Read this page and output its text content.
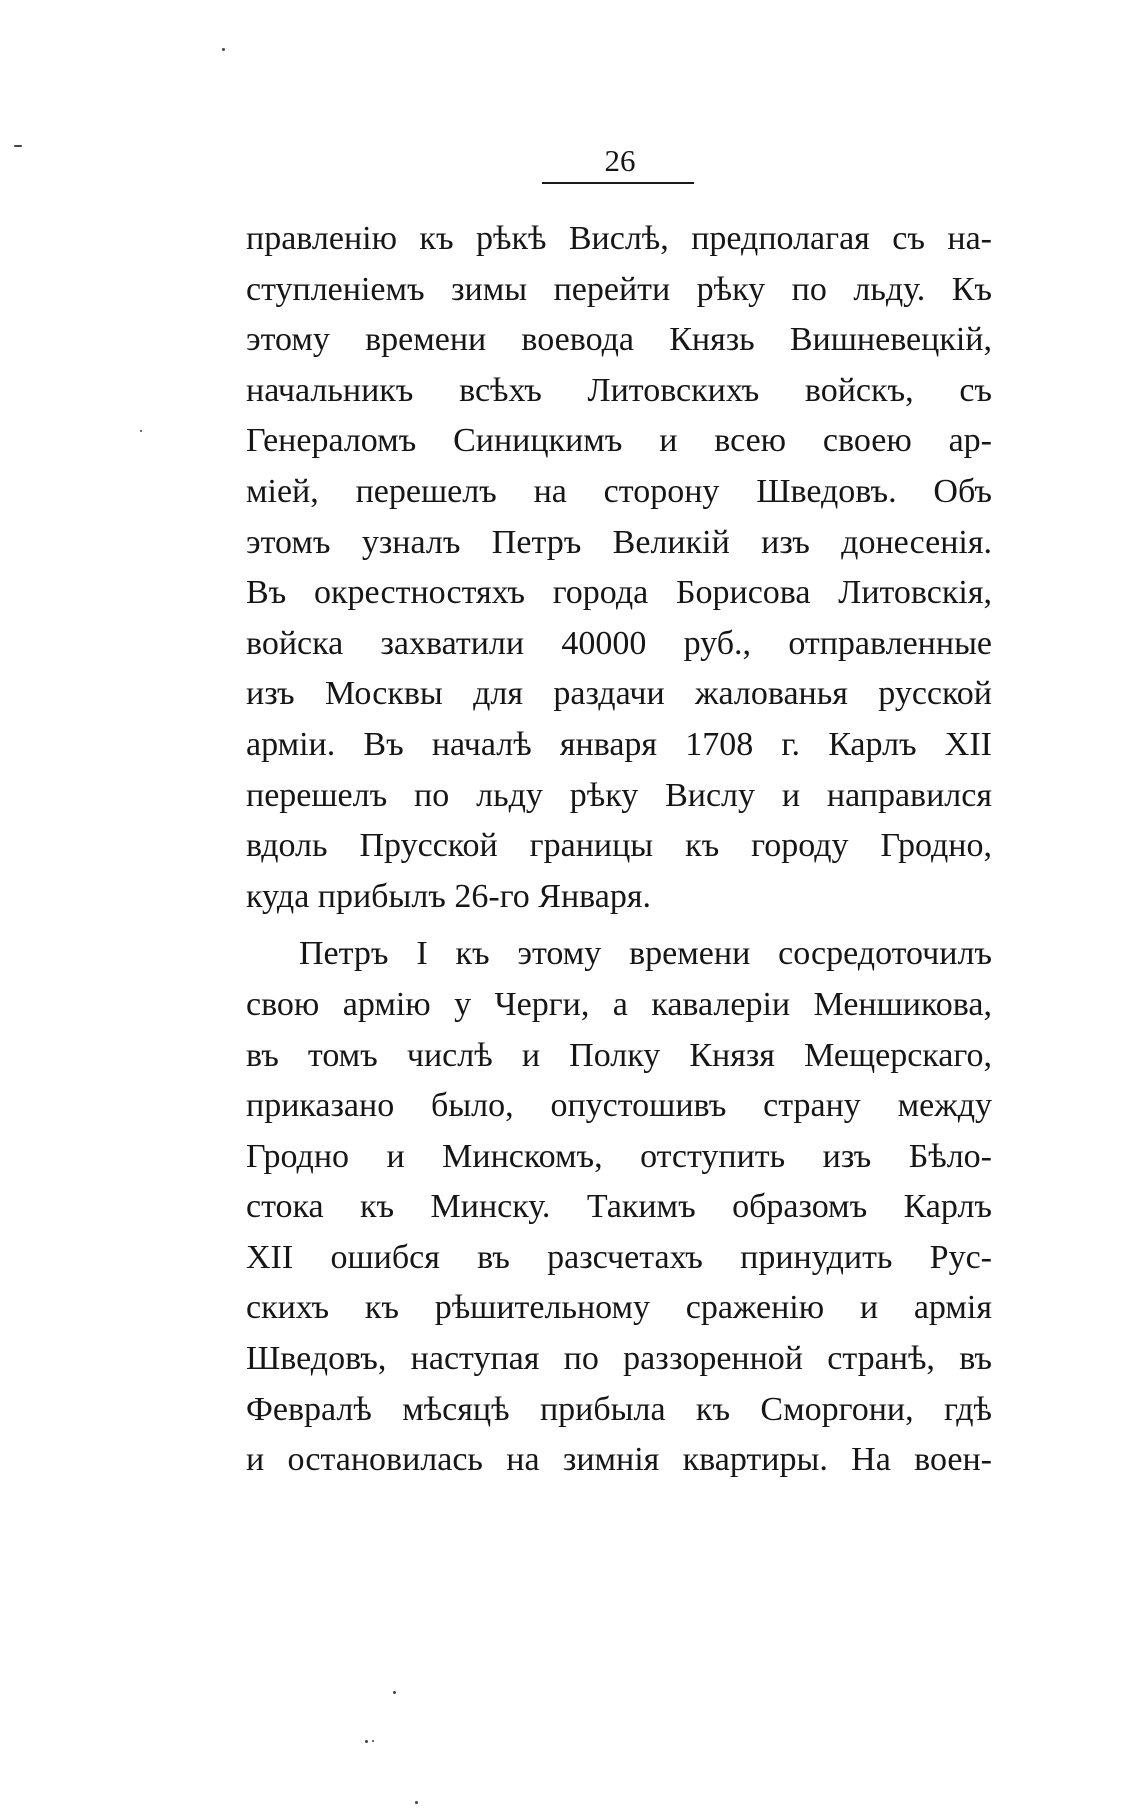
26
правленію къ рѣкѣ Вислѣ, предполагая съ на-
ступленіемъ зимы перейти рѣку по льду. Къ
этому времени воевода Князь Вишневецкій,
начальникъ всѣхъ Литовскихъ войскъ, съ
Генераломъ Синицкимъ и всею своею ар-
міей, перешелъ на сторону Шведовъ. Объ
этомъ узналъ Петръ Великій изъ донесенія.
Въ окрестностяхъ города Борисова Литовскія,
войска захватили 40000 руб., отправленные
изъ Москвы для раздачи жалованья русской
арміи. Въ началѣ января 1708 г. Карлъ XII
перешелъ по льду рѣку Вислу и направился
вдоль Прусской границы къ городу Гродно,
куда прибылъ 26-го Января.
Петръ I къ этому времени сосредоточилъ
свою армію у Черги, а кавалеріи Меншикова,
въ томъ числѣ и Полку Князя Мещерскаго,
приказано было, опустошивъ страну между
Гродно и Минскомъ, отступить изъ Бѣло-
стока къ Минску. Такимъ образомъ Карлъ
XII ошибся въ разсчетахъ принудить Рус-
скихъ къ рѣшительному сраженію и армія
Шведовъ, наступая по раззоренной странѣ, въ
Февралѣ мѣсяцѣ прибыла къ Сморгони, гдѣ
и остановилась на зимнія квартиры. На воен-
